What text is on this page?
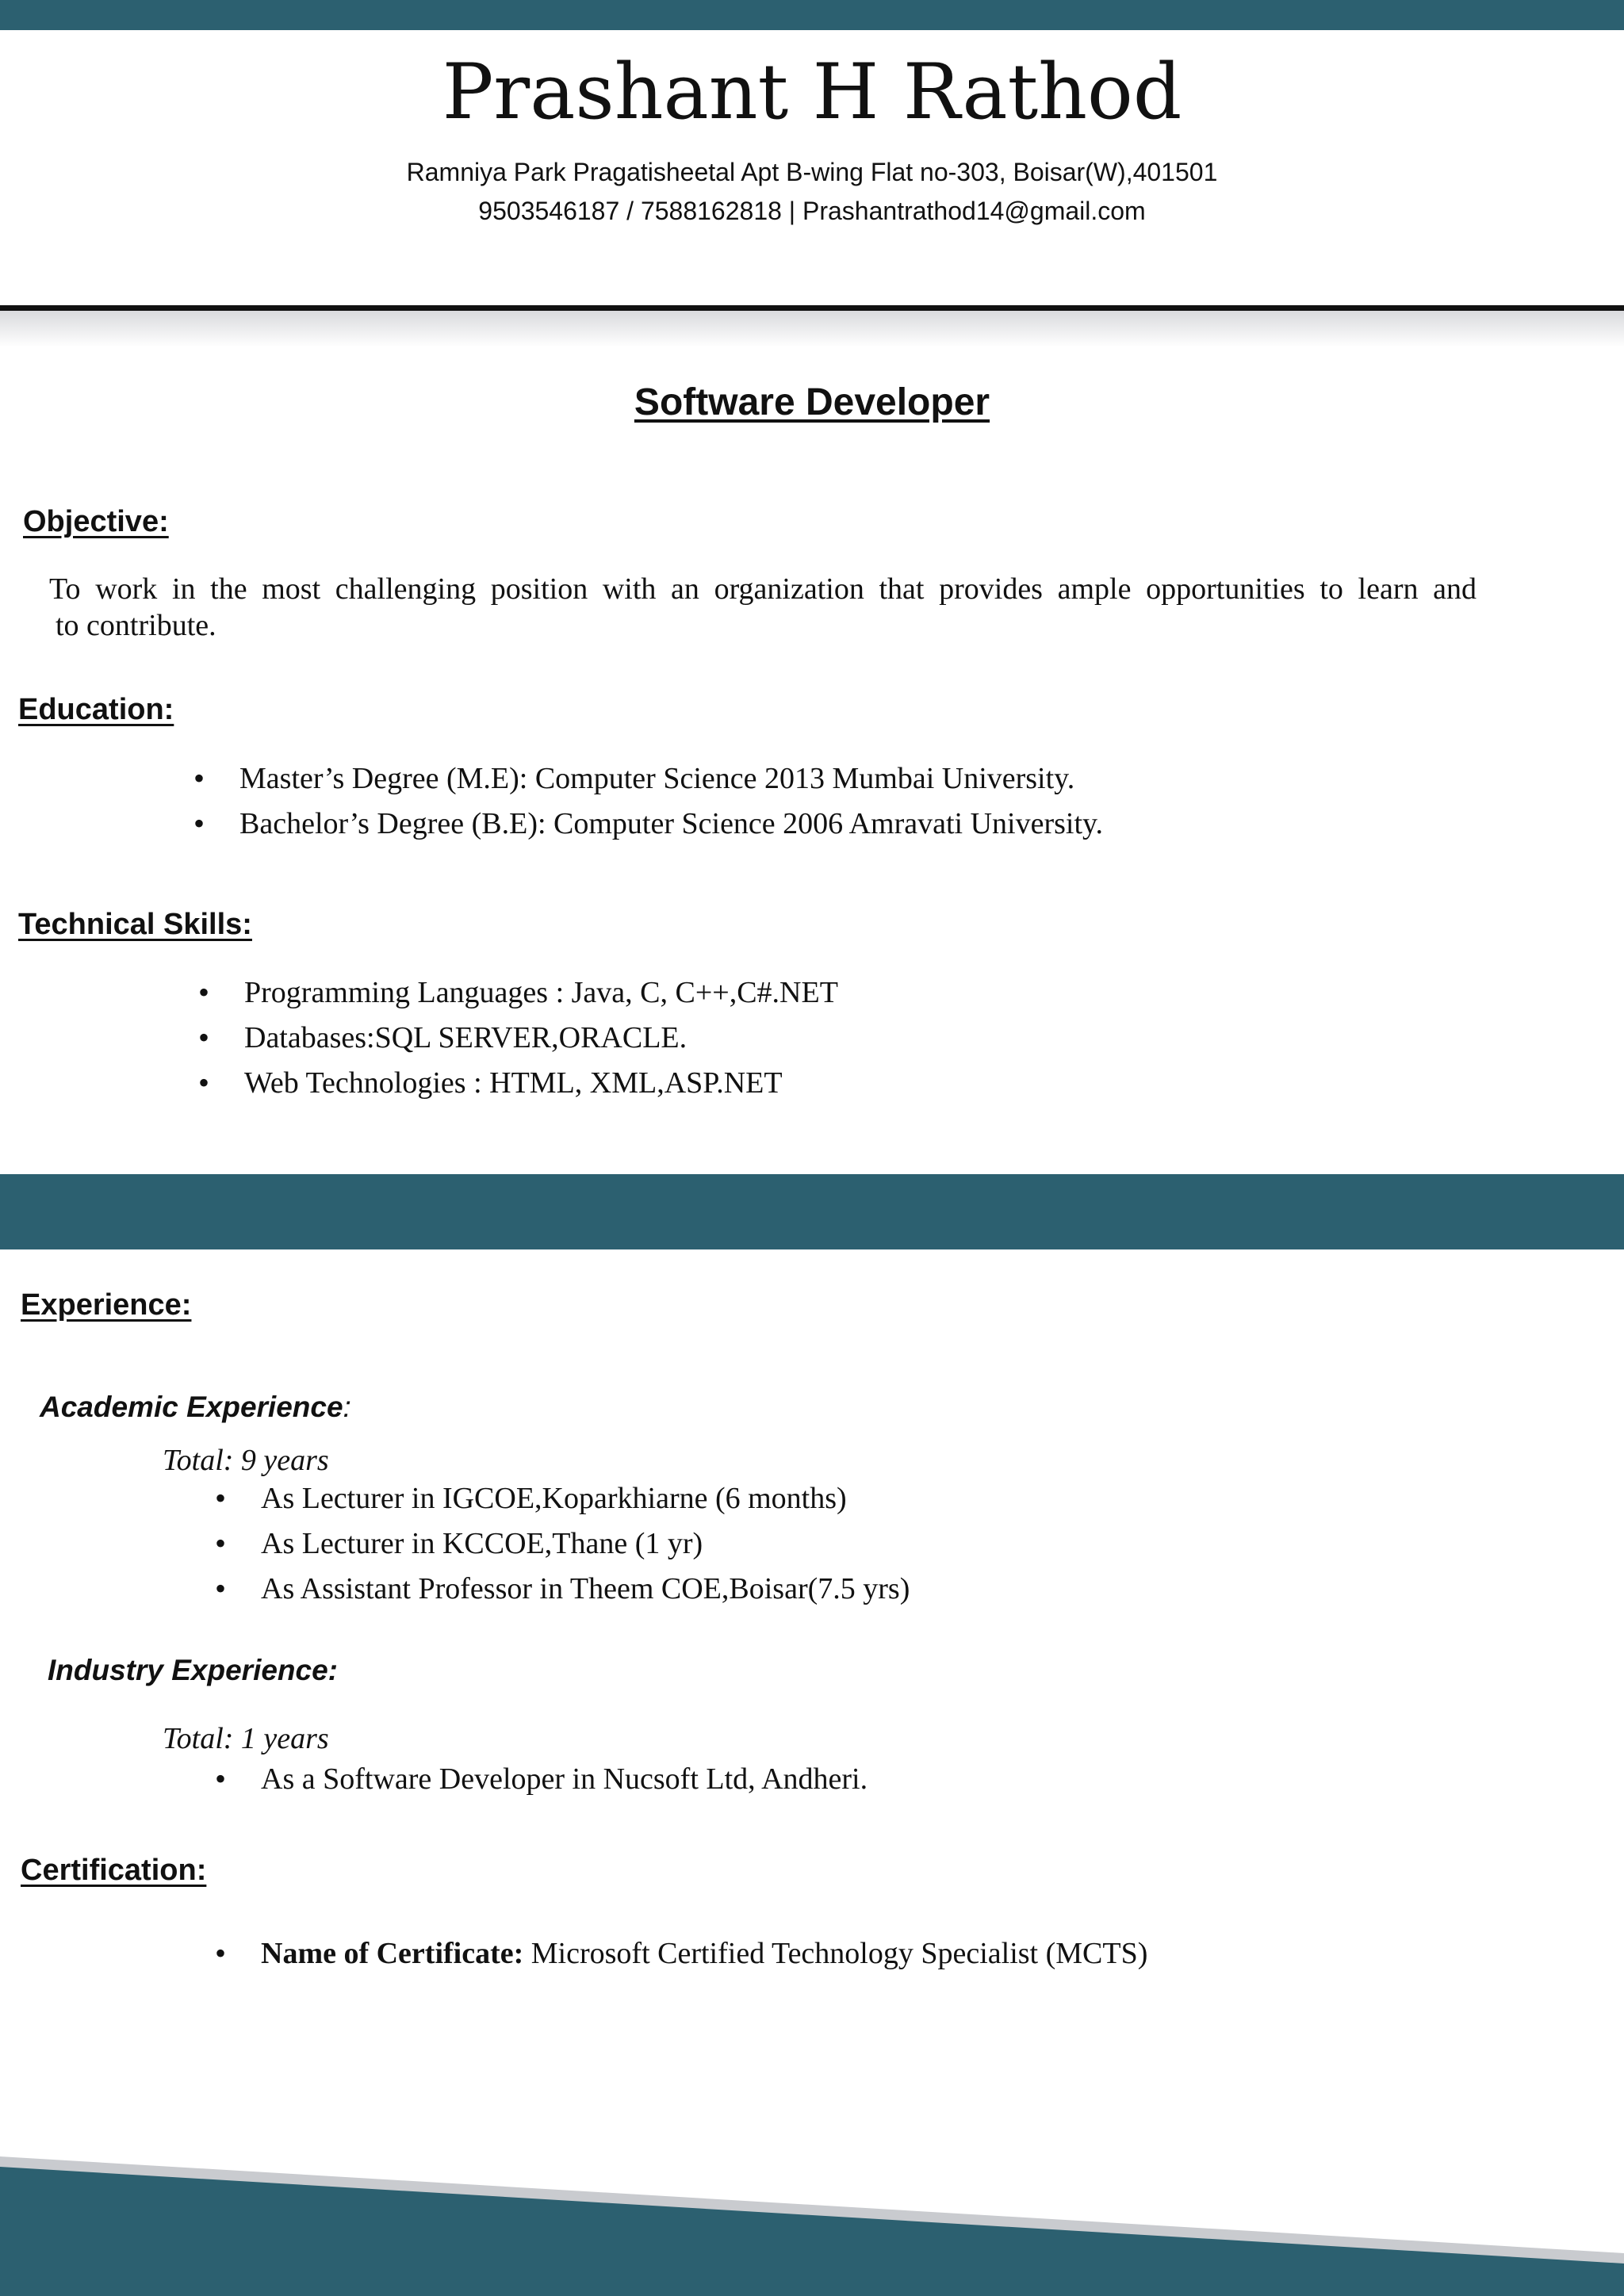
Prashant H Rathod
Ramniya Park Pragatisheetal Apt B-wing Flat no-303, Boisar(W),401501
9503546187 / 7588162818 | Prashantrathod14@gmail.com
Software Developer
Objective:
To work in the most challenging position with an organization that provides ample opportunities to learn and
to contribute.
Education:
• Master’s Degree (M.E): Computer Science 2013 Mumbai University.
• Bachelor’s Degree (B.E): Computer Science 2006 Amravati University.
Technical Skills:
• Programming Languages : Java, C, C++,C#.NET
• Databases:SQL SERVER,ORACLE.
• Web Technologies : HTML, XML,ASP.NET
Experience:
Academic Experience:
Total: 9 years
• As Lecturer in IGCOE,Koparkhiarne (6 months)
• As Lecturer in KCCOE,Thane (1 yr)
• As Assistant Professor in Theem COE,Boisar(7.5 yrs)
Industry Experience:
Total: 1 years
• As a Software Developer in Nucsoft Ltd, Andheri.
Certification:
• Name of Certificate: Microsoft Certified Technology Specialist (MCTS)
